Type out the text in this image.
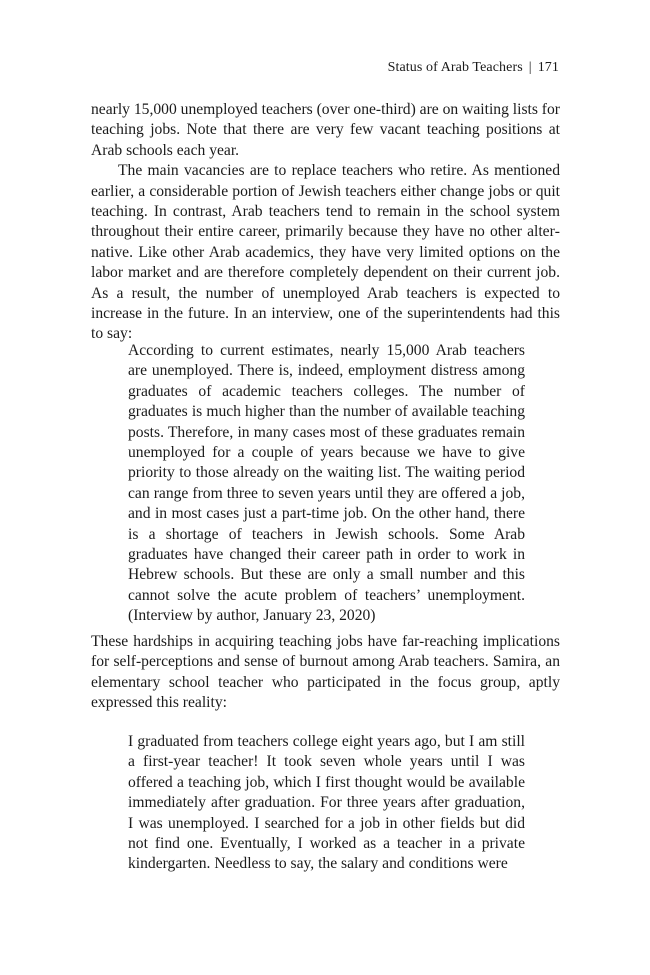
Status of Arab Teachers | 171

nearly 15,000 unemployed teachers (over one-third) are on waiting lists for teaching jobs. Note that there are very few vacant teaching positions at Arab schools each year.

The main vacancies are to replace teachers who retire. As mentioned earlier, a considerable portion of Jewish teachers either change jobs or quit teaching. In contrast, Arab teachers tend to remain in the school system throughout their entire career, primarily because they have no other alternative. Like other Arab academics, they have very limited options on the labor market and are therefore completely dependent on their current job. As a result, the number of unemployed Arab teachers is expected to increase in the future. In an interview, one of the superintendents had this to say:

According to current estimates, nearly 15,000 Arab teachers are unemployed. There is, indeed, employment distress among graduates of academic teachers colleges. The number of graduates is much higher than the number of available teaching posts. Therefore, in many cases most of these graduates remain unemployed for a couple of years because we have to give priority to those already on the waiting list. The waiting period can range from three to seven years until they are offered a job, and in most cases just a part-time job. On the other hand, there is a shortage of teachers in Jewish schools. Some Arab graduates have changed their career path in order to work in Hebrew schools. But these are only a small number and this cannot solve the acute problem of teachers’ unemployment. (Interview by author, January 23, 2020)
These hardships in acquiring teaching jobs have far-reaching implications for self-perceptions and sense of burnout among Arab teachers. Samira, an elementary school teacher who participated in the focus group, aptly expressed this reality:
I graduated from teachers college eight years ago, but I am still a first-year teacher! It took seven whole years until I was offered a teaching job, which I first thought would be available immediately after graduation. For three years after graduation, I was unemployed. I searched for a job in other fields but did not find one. Eventually, I worked as a teacher in a private kindergarten. Needless to say, the salary and conditions were
